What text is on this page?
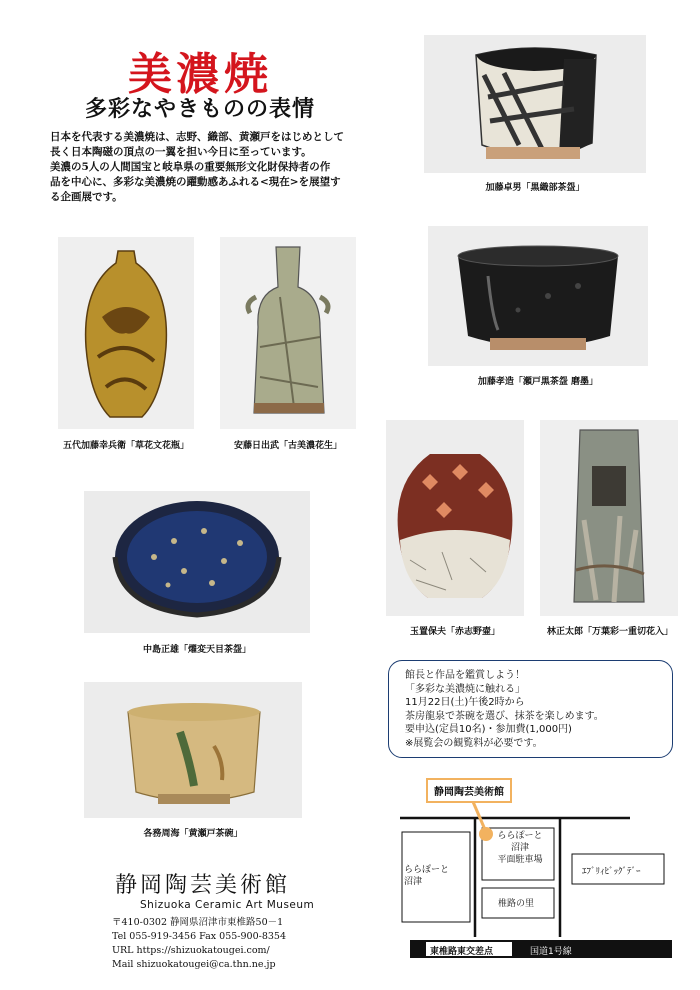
美濃焼
多彩なやきものの表情

日本を代表する美濃焼は、志野、織部、黄瀬戸をはじめとして

長く日本陶磁の頂点の一翼を担い今日に至っています。

美濃の5人の人間国宝と岐阜県の重要無形文化財保持者の作

品を中心に、多彩な美濃焼の躍動感あふれる<現在>を展望す

る企画展です。

加藤卓男「黒織部茶盌」
加藤孝造「瀬戸黒茶盌 磨墨」
五代加藤幸兵衛「草花文花瓶」	安藤日出武「古美濃花生」
玉置保夫「赤志野壷」	林正太郎「万葉彩一重切花入」
中島正雄「燿変天目茶盌」
各務周海「黄瀬戸茶碗」
館長と作品を鑑賞しよう！
「多彩な美濃焼に触れる」
11月22日(土)午後2時から
茶房龍泉で茶碗を選び、抹茶を楽しめます。
要申込(定員10名)・参加費(1,000円)
※展覧会の観覧料が必要です。
静岡陶芸美術館
Shizuoka Ceramic Art Museum
〒410-0302 静岡県沼津市東椎路50－1
Tel 055-919-3456 Fax 055-900-8354
URL https://shizuokatougei.com/
Mail shizuokatougei@ca.thn.ne.jp
静岡陶芸美術館
ららぽーと
沼津
平面駐車場
ららぽーと
沼津
ｴﾌﾞﾘｨﾋﾞｯｸﾞﾃﾞｰ
椎路の里
東椎路東交差点	国道1号線
